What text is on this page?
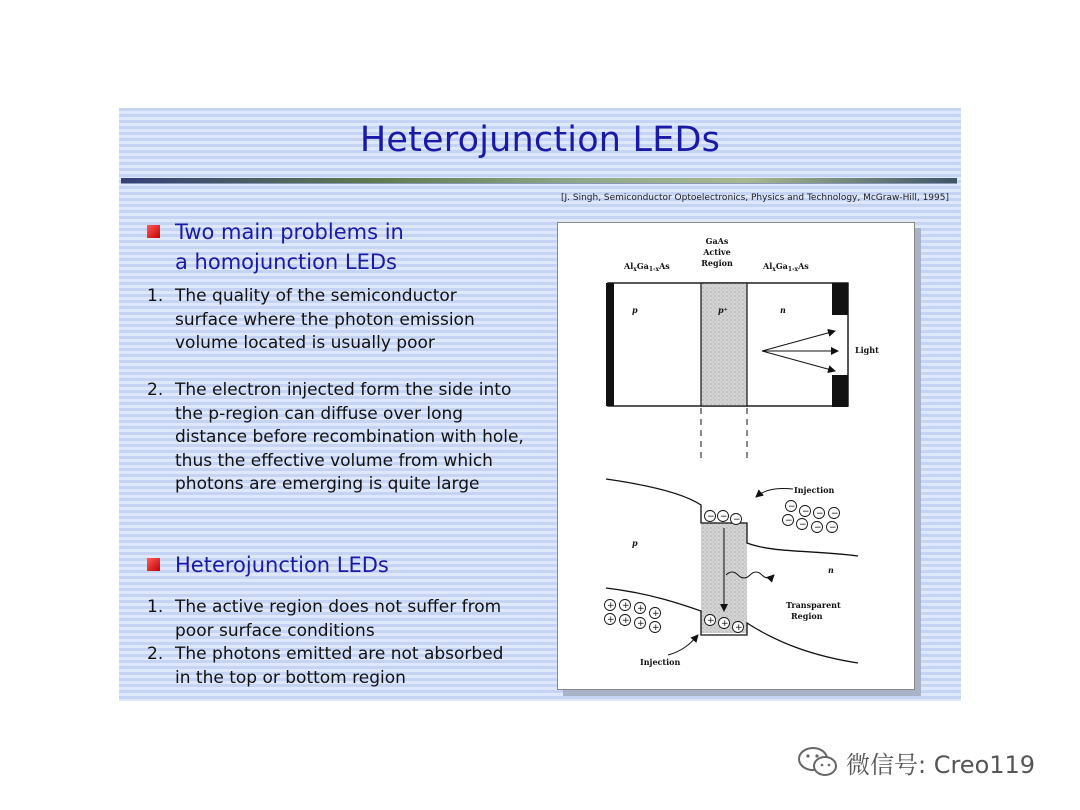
Heterojunction LEDs
[J. Singh, Semiconductor Optoelectronics, Physics and Technology, McGraw-Hill, 1995]
Two main problems in
a homojunction LEDs
1. The quality of the semiconductor
surface where the photon emission
volume located is usually poor
2. The electron injected form the side into
the p-region can diffuse over long
distance before recombination with hole,
thus the effective volume from which
photons are emerging is quite large
Heterojunction LEDs
1. The active region does not suffer from
poor surface conditions
2. The photons emitted are not absorbed
in the top or bottom region
$Al_xGa_{1-x}As$
GaAs
Active
Region	$Al_xGa_{1-x}As$
p	p⁺	n
Light
− − −
− − − −
− − − −
+ + + +
+ + + +
+ + +
Injection
Injection
p
n
Transparent
Region
微信号: Creo119
